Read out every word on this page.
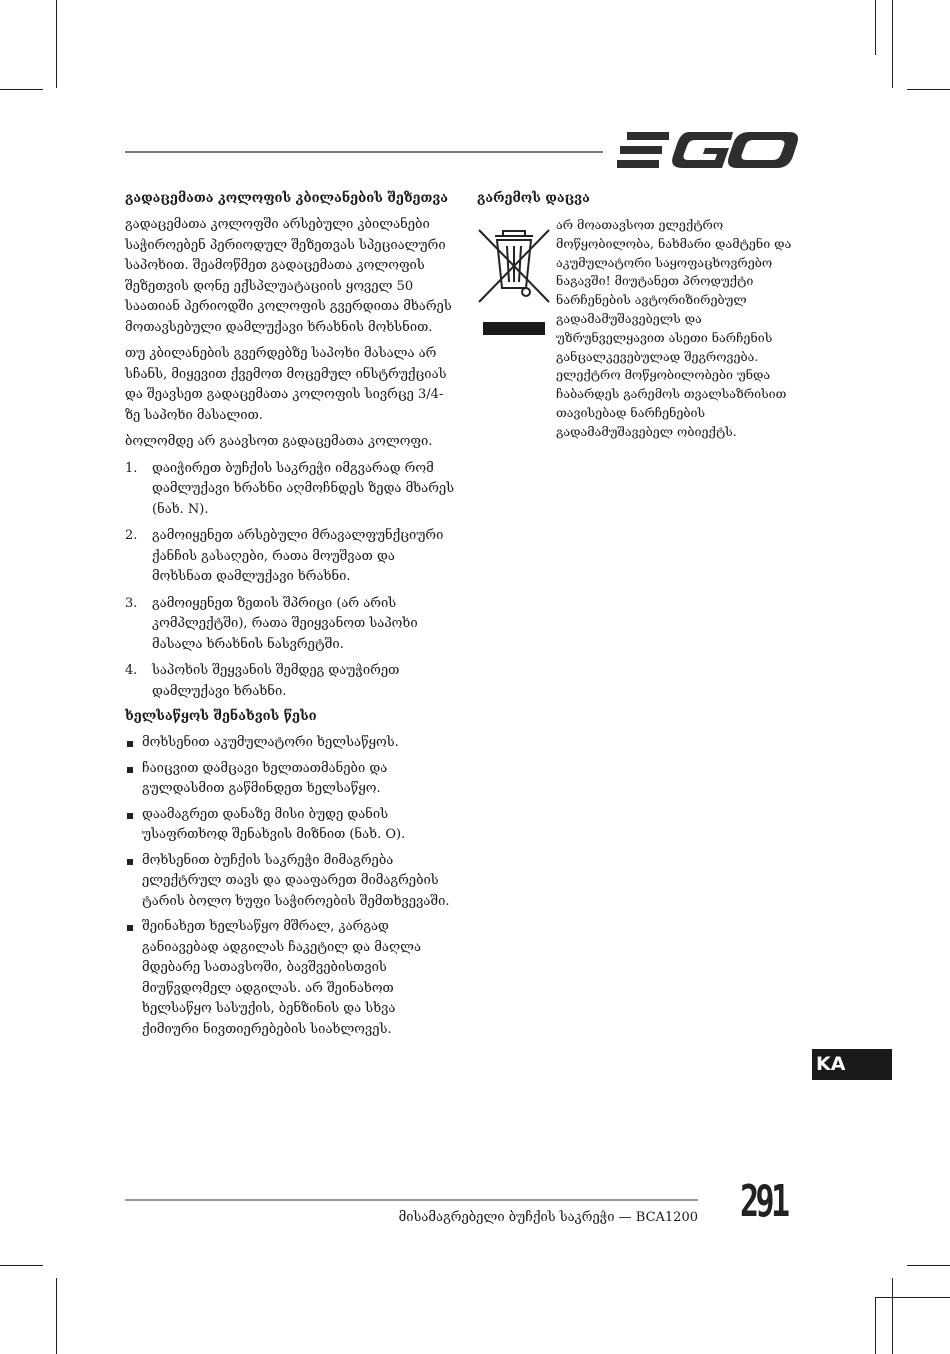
გადაცემათა კოლოფის კბილანების შეზეთვა

გადაცემათა კოლოფში არსებული კბილანები საჭიროებენ პერიოდულ შეზეთვას სპეციალური საპოხით. შეამოწმეთ გადაცემათა კოლოფის შეზეთვის დონე ექსპლუატაციის ყოველ 50 საათიან პერიოდში კოლოფის გვერდითა მხარეს მოთავსებული დამლუქავი ხრახნის მოხსნით.

თუ კბილანების გვერდებზე საპოხი მასალა არ სჩანს, მიყევით ქვემოთ მოცემულ ინსტრუქციას და შეავსეთ გადაცემათა კოლოფის სივრცე 3/4-ზე საპოხი მასალით.

ბოლომდე არ გაავსოთ გადაცემათა კოლოფი.

1. დაიჭირეთ ბუჩქის საკრეჭი იმგვარად რომ დამლუქავი ხრახნი აღმოჩნდეს ზედა მხარეს (ნახ. N).
2. გამოიყენეთ არსებული მრავალფუნქციური ქანჩის გასაღები, რათა მოუშვათ და მოხსნათ დამლუქავი ხრახნი.
3. გამოიყენეთ ზეთის შპრიცი (არ არის კომპლექტში), რათა შეიყვანოთ საპოხი მასალა ხრახნის ნასვრეტში.
4. საპოხის შეყვანის შემდეგ დაუჭირეთ დამლუქავი ხრახნი.
ხელსაწყოს შენახვის წესი
მოხსენით აკუმულატორი ხელსაწყოს.
ჩაიცვით დამცავი ხელთათმანები და გულდასმით გაწმინდეთ ხელსაწყო.
დაამაგრეთ დანაზე მისი ბუდე დანის უსაფრთხოდ შენახვის მიზნით (ნახ. O).
მოხსენით ბუჩქის საკრეჭი მიმაგრება ელექტრულ თავს და დააფარეთ მიმაგრების ტარის ბოლო ხუფი საჭიროების შემთხვევაში.
შეინახეთ ხელსაწყო მშრალ, კარგად განიავებად ადგილას ჩაკეტილ და მაღლა მდებარე სათავსოში, ბავშვებისთვის მიუწვდომელ ადგილას. არ შეინახოთ ხელსაწყო სასუქის, ბენზინის და სხვა ქიმიური ნივთიერებების სიახლოვეს.
გარემოს დაცვა
არ მოათავსოთ ელექტრო მოწყობილობა, ნახმარი დამტენი და აკუმულატორი საყოფაცხოვრებო ნაგავში! მიუტანეთ პროდუქტი ნარჩენების ავტორიზირებულ გადამამუშავებელს და უზრუნველყავით ასეთი ნარჩენის განცალკევებულად შეგროვება. ელექტრო მოწყობილობები უნდა ჩაბარდეს გარემოს თვალსაზრისით თავისებად ნარჩენების გადამამუშავებელ ობიექტს.
KA
მისამაგრებელი ბუჩქის საკრეჭი — BCA1200 291
